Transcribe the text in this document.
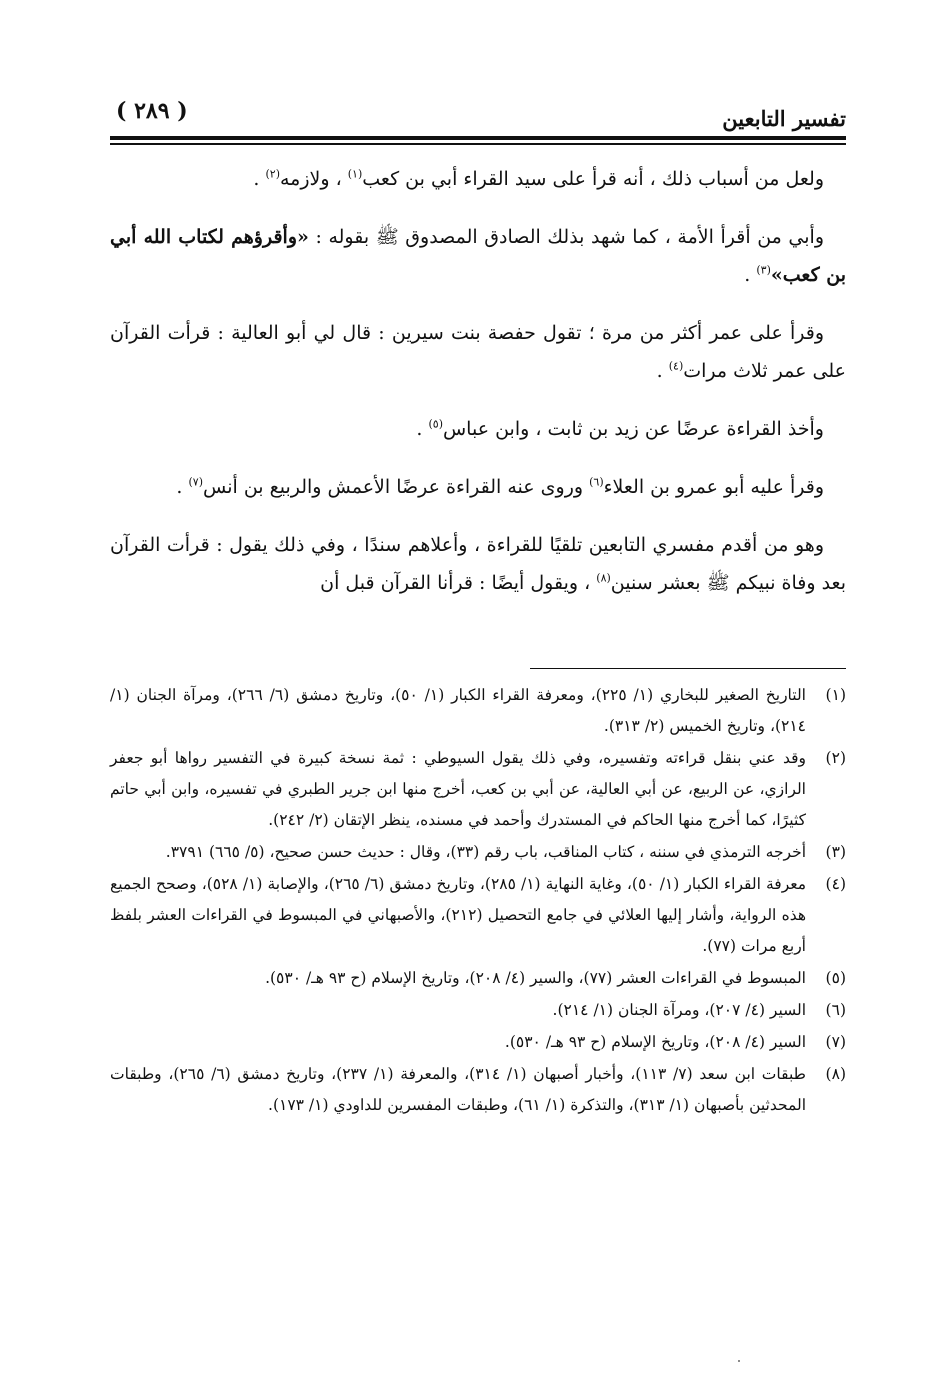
تفسير التابعين
( ٢٨٩ )

ولعل من أسباب ذلك ، أنه قرأ على سيد القراء أبي بن كعب$^{(١)}$ ، ولازمه$^{(٢)}$ .

وأبي من أقرأ الأمة ، كما شهد بذلك الصادق المصدوق ﷺ بقوله : «وأقرؤهم لكتاب الله أبي بن كعب»$^{(٣)}$ .

وقرأ على عمر أكثر من مرة ؛ تقول حفصة بنت سيرين : قال لي أبو العالية : قرأت القرآن على عمر ثلاث مرات$^{(٤)}$ .

وأخذ القراءة عرضًا عن زيد بن ثابت ، وابن عباس$^{(٥)}$ .

وقرأ عليه أبو عمرو بن العلاء$^{(٦)}$ وروى عنه القراءة عرضًا الأعمش والربيع بن أنس$^{(٧)}$ .

وهو من أقدم مفسري التابعين تلقيًا للقراءة ، وأعلاهم سندًا ، وفي ذلك يقول : قرأت القرآن بعد وفاة نبيكم ﷺ بعشر سنين$^{(٨)}$ ، ويقول أيضًا : قرأنا القرآن قبل أن

(١)
التاريخ الصغير للبخاري (١/ ٢٢٥)، ومعرفة القراء الكبار (١/ ٥٠)، وتاريخ دمشق (٦/ ٢٦٦)، ومرآة الجنان (١/ ٢١٤)، وتاريخ الخميس (٢/ ٣١٣).
(٢)
وقد عني بنقل قراءته وتفسيره، وفي ذلك يقول السيوطي : ثمة نسخة كبيرة في التفسير رواها أبو جعفر الرازي، عن الربيع، عن أبي العالية، عن أبي بن كعب، أخرج منها ابن جرير الطبري في تفسيره، وابن أبي حاتم كثيرًا، كما أخرج منها الحاكم في المستدرك وأحمد في مسنده، ينظر الإتقان (٢/ ٢٤٢).
(٣)
أخرجه الترمذي في سننه ، كتاب المناقب، باب رقم (٣٣)، وقال : حديث حسن صحيح، (٥/ ٦٦٥) ٣٧٩١.
(٤)
معرفة القراء الكبار (١/ ٥٠)، وغاية النهاية (١/ ٢٨٥)، وتاريخ دمشق (٦/ ٢٦٥)، والإصابة (١/ ٥٢٨)، وصحح الجميع هذه الرواية، وأشار إليها العلائي في جامع التحصيل (٢١٢)، والأصبهاني في المبسوط في القراءات العشر بلفظ أربع مرات (٧٧).
(٥)
المبسوط في القراءات العشر (٧٧)، والسير (٤/ ٢٠٨)، وتاريخ الإسلام (ح ٩٣ هـ/ ٥٣٠).
(٦)
السير (٤/ ٢٠٧)، ومرآة الجنان (١/ ٢١٤).
(٧)
السير (٤/ ٢٠٨)، وتاريخ الإسلام (ح ٩٣ هـ/ ٥٣٠).
(٨)
طبقات ابن سعد (٧/ ١١٣)، وأخبار أصبهان (١/ ٣١٤)، والمعرفة (١/ ٢٣٧)، وتاريخ دمشق (٦/ ٢٦٥)، وطبقات المحدثين بأصبهان (١/ ٣١٣)، والتذكرة (١/ ٦١)، وطبقات المفسرين للداودي (١/ ١٧٣).
